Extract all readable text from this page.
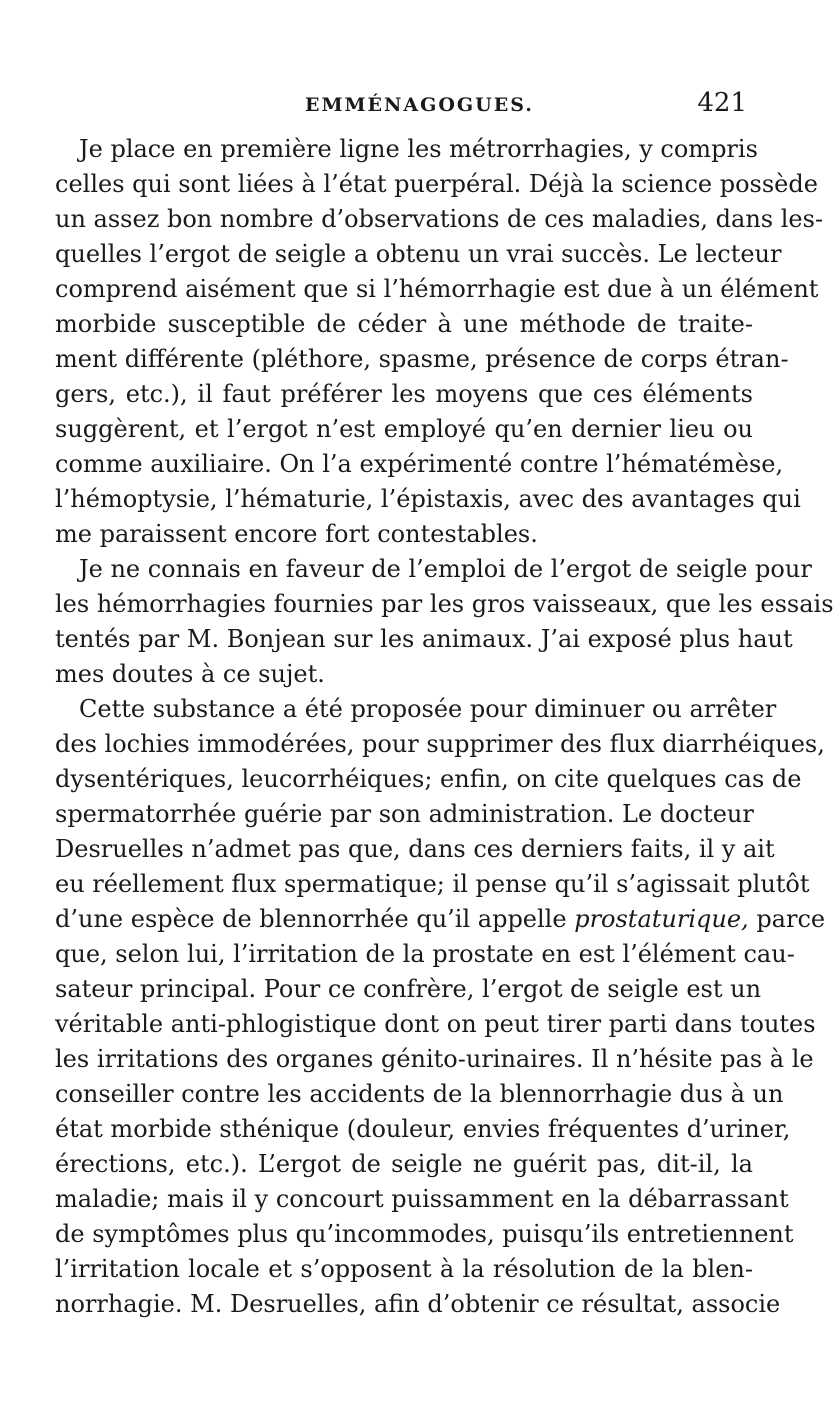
EMMÉNAGOGUES.	421
Je place en première ligne les métrorrhagies, y compris
celles qui sont liées à l’état puerpéral. Déjà la science possède
un assez bon nombre d’observations de ces maladies, dans les-
quelles l’ergot de seigle a obtenu un vrai succès. Le lecteur
comprend aisément que si l’hémorrhagie est due à un élément
morbide susceptible de céder à une méthode de traite-
ment différente (pléthore, spasme, présence de corps étran-
gers, etc.), il faut préférer les moyens que ces éléments
suggèrent, et l’ergot n’est employé qu’en dernier lieu ou
comme auxiliaire. On l’a expérimenté contre l’hématémèse,
l’hémoptysie, l’hématurie, l’épistaxis, avec des avantages qui
me paraissent encore fort contestables.
Je ne connais en faveur de l’emploi de l’ergot de seigle pour
les hémorrhagies fournies par les gros vaisseaux, que les essais
tentés par M. Bonjean sur les animaux. J’ai exposé plus haut
mes doutes à ce sujet.
Cette substance a été proposée pour diminuer ou arrêter
des lochies immodérées, pour supprimer des flux diarrhéiques,
dysentériques, leucorrhéiques; enfin, on cite quelques cas de
spermatorrhée guérie par son administration. Le docteur
Desruelles n’admet pas que, dans ces derniers faits, il y ait
eu réellement flux spermatique; il pense qu’il s’agissait plutôt
d’une espèce de blennorrhée qu’il appelle prostaturique, parce
que, selon lui, l’irritation de la prostate en est l’élément cau-
sateur principal. Pour ce confrère, l’ergot de seigle est un
véritable anti-phlogistique dont on peut tirer parti dans toutes
les irritations des organes génito-urinaires. Il n’hésite pas à le
conseiller contre les accidents de la blennorrhagie dus à un
état morbide sthénique (douleur, envies fréquentes d’uriner,
érections, etc.). L’ergot de seigle ne guérit pas, dit-il, la
maladie; mais il y concourt puissamment en la débarrassant
de symptômes plus qu’incommodes, puisqu’ils entretiennent
l’irritation locale et s’opposent à la résolution de la blen-
norrhagie. M. Desruelles, afin d’obtenir ce résultat, associe
